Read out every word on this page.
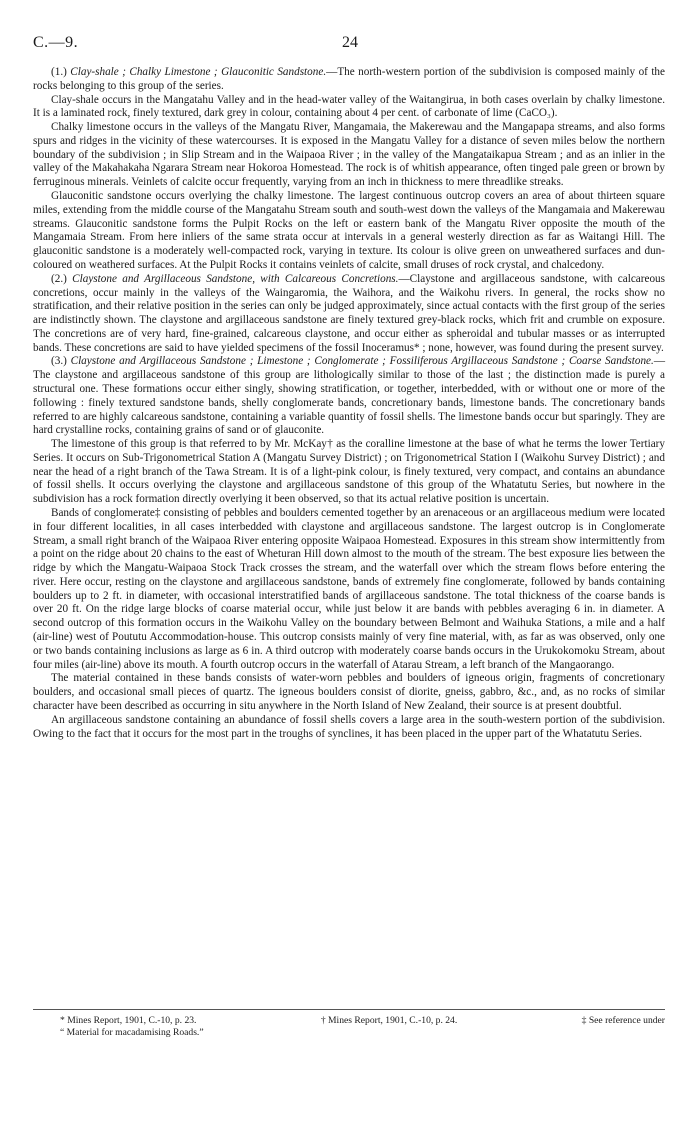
C.—9.	24

(1.) Clay-shale ; Chalky Limestone ; Glauconitic Sandstone.—The north-western portion of the subdivision is composed mainly of the rocks belonging to this group of the series.

Clay-shale occurs in the Mangatahu Valley and in the head-water valley of the Waitangirua, in both cases overlain by chalky limestone. It is a laminated rock, finely textured, dark grey in colour, containing about 4 per cent. of carbonate of lime (CaCO₃).

Chalky limestone occurs in the valleys of the Mangatu River, Mangamaia, the Makerewau and the Mangapapa streams, and also forms spurs and ridges in the vicinity of these watercourses. It is exposed in the Mangatu Valley for a distance of seven miles below the northern boundary of the subdivision ; in Slip Stream and in the Waipaoa River ; in the valley of the Mangataikapua Stream ; and as an inlier in the valley of the Makahakaha Ngarara Stream near Hokoroa Homestead. The rock is of whitish appearance, often tinged pale green or brown by ferruginous minerals. Veinlets of calcite occur frequently, varying from an inch in thickness to mere threadlike streaks.

Glauconitic sandstone occurs overlying the chalky limestone. The largest continuous outcrop covers an area of about thirteen square miles, extending from the middle course of the Mangatahu Stream south and south-west down the valleys of the Mangamaia and Makerewau streams. Glauconitic sandstone forms the Pulpit Rocks on the left or eastern bank of the Mangatu River opposite the mouth of the Mangamaia Stream. From here inliers of the same strata occur at intervals in a general westerly direction as far as Waitangi Hill. The glauconitic sandstone is a moderately well-compacted rock, varying in texture. Its colour is olive green on unweathered surfaces and dun-coloured on weathered surfaces. At the Pulpit Rocks it contains veinlets of calcite, small druses of rock crystal, and chalcedony.

(2.) Claystone and Argillaceous Sandstone, with Calcareous Concretions.—Claystone and argillaceous sandstone, with calcareous concretions, occur mainly in the valleys of the Waingaromia, the Waihora, and the Waikohu rivers. In general, the rocks show no stratification, and their relative position in the series can only be judged approximately, since actual contacts with the first group of the series are indistinctly shown. The claystone and argillaceous sandstone are finely textured grey-black rocks, which frit and crumble on exposure. The concretions are of very hard, fine-grained, calcareous claystone, and occur either as spheroidal and tubular masses or as interrupted bands. These concretions are said to have yielded specimens of the fossil Inoceramus* ; none, however, was found during the present survey.

(3.) Claystone and Argillaceous Sandstone ; Limestone ; Conglomerate ; Fossiliferous Argillaceous Sandstone ; Coarse Sandstone.—The claystone and argillaceous sandstone of this group are lithologically similar to those of the last ; the distinction made is purely a structural one. These formations occur either singly, showing stratification, or together, interbedded, with or without one or more of the following : finely textured sandstone bands, shelly conglomerate bands, concretionary bands, limestone bands. The concretionary bands referred to are highly calcareous sandstone, containing a variable quantity of fossil shells. The limestone bands occur but sparingly. They are hard crystalline rocks, containing grains of sand or of glauconite.

The limestone of this group is that referred to by Mr. McKay† as the coralline limestone at the base of what he terms the lower Tertiary Series. It occurs on Sub-Trigonometrical Station A (Mangatu Survey District) ; on Trigonometrical Station I (Waikohu Survey District) ; and near the head of a right branch of the Tawa Stream. It is of a light-pink colour, is finely textured, very compact, and contains an abundance of fossil shells. It occurs overlying the claystone and argillaceous sandstone of this group of the Whatatutu Series, but nowhere in the subdivision has a rock formation directly overlying it been observed, so that its actual relative position is uncertain.

Bands of conglomerate‡ consisting of pebbles and boulders cemented together by an arenaceous or an argillaceous medium were located in four different localities, in all cases interbedded with claystone and argillaceous sandstone. The largest outcrop is in Conglomerate Stream, a small right branch of the Waipaoa River entering opposite Waipaoa Homestead. Exposures in this stream show intermittently from a point on the ridge about 20 chains to the east of Wheturan Hill down almost to the mouth of the stream. The best exposure lies between the ridge by which the Mangatu-Waipaoa Stock Track crosses the stream, and the waterfall over which the stream flows before entering the river. Here occur, resting on the claystone and argillaceous sandstone, bands of extremely fine conglomerate, followed by bands containing boulders up to 2 ft. in diameter, with occasional interstratified bands of argillaceous sandstone. The total thickness of the coarse bands is over 20 ft. On the ridge large blocks of coarse material occur, while just below it are bands with pebbles averaging 6 in. in diameter. A second outcrop of this formation occurs in the Waikohu Valley on the boundary between Belmont and Waihuka Stations, a mile and a half (air-line) west of Poututu Accommodation-house. This outcrop consists mainly of very fine material, with, as far as was observed, only one or two bands containing inclusions as large as 6 in. A third outcrop with moderately coarse bands occurs in the Urukokomoku Stream, about four miles (air-line) above its mouth. A fourth outcrop occurs in the waterfall of Atarau Stream, a left branch of the Mangaorango.

The material contained in these bands consists of water-worn pebbles and boulders of igneous origin, fragments of concretionary boulders, and occasional small pieces of quartz. The igneous boulders consist of diorite, gneiss, gabbro, &c., and, as no rocks of similar character have been described as occurring in situ anywhere in the North Island of New Zealand, their source is at present doubtful.

An argillaceous sandstone containing an abundance of fossil shells covers a large area in the south-western portion of the subdivision. Owing to the fact that it occurs for the most part in the troughs of synclines, it has been placed in the upper part of the Whatatutu Series.

* Mines Report, 1901, C.-10, p. 23.	† Mines Report, 1901, C.-10, p. 24.	‡ See reference under
“ Material for macadamising Roads.”
